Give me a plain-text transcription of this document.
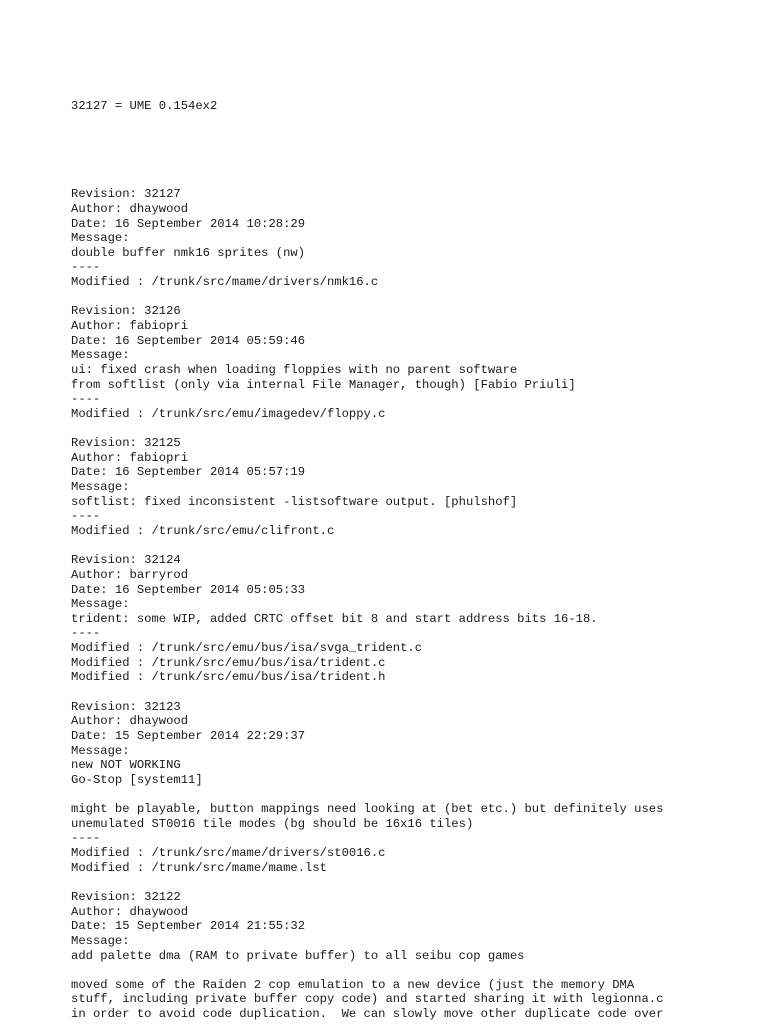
32127 = UME 0.154ex2

Revision: 32127
Author: dhaywood
Date: 16 September 2014 10:28:29
Message:
double buffer nmk16 sprites (nw)
----
Modified : /trunk/src/mame/drivers/nmk16.c
Revision: 32126
Author: fabiopri
Date: 16 September 2014 05:59:46
Message:
ui: fixed crash when loading floppies with no parent software
from softlist (only via internal File Manager, though) [Fabio Priuli]
----
Modified : /trunk/src/emu/imagedev/floppy.c
Revision: 32125
Author: fabiopri
Date: 16 September 2014 05:57:19
Message:
softlist: fixed inconsistent -listsoftware output. [phulshof]
----
Modified : /trunk/src/emu/clifront.c
Revision: 32124
Author: barryrod
Date: 16 September 2014 05:05:33
Message:
trident: some WIP, added CRTC offset bit 8 and start address bits 16-18.
----
Modified : /trunk/src/emu/bus/isa/svga_trident.c
Modified : /trunk/src/emu/bus/isa/trident.c
Modified : /trunk/src/emu/bus/isa/trident.h
Revision: 32123
Author: dhaywood
Date: 15 September 2014 22:29:37
Message:
new NOT WORKING
Go-Stop [system11]
might be playable, button mappings need looking at (bet etc.) but definitely uses
unemulated ST0016 tile modes (bg should be 16x16 tiles)
----
Modified : /trunk/src/mame/drivers/st0016.c
Modified : /trunk/src/mame/mame.lst
Revision: 32122
Author: dhaywood
Date: 15 September 2014 21:55:32
Message:
add palette dma (RAM to private buffer) to all seibu cop games
moved some of the Raiden 2 cop emulation to a new device (just the memory DMA
stuff, including private buffer copy code) and started sharing it with legionna.c
in order to avoid code duplication.  We can slowly move other duplicate code over
